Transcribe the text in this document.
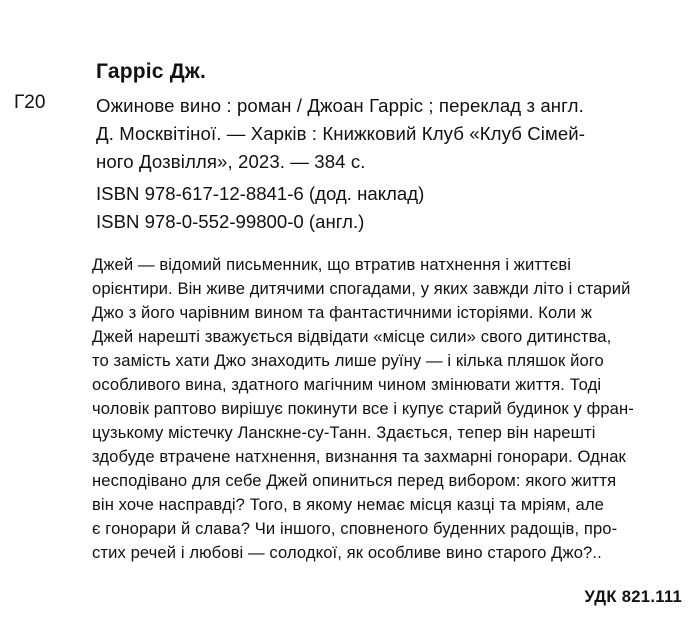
Гарріс Дж.
Г20	Ожинове вино : роман / Джоан Гарріс ; переклад з англ.
Д. Москвітіної. — Харків : Книжковий Клуб «Клуб Сімей-
ного Дозвілля», 2023. — 384 с.
ISBN 978-617-12-8841-6 (дод. наклад)
ISBN 978-0-552-99800-0 (англ.)
Джей — відомий письменник, що втратив натхнення і життєві
орієнтири. Він живе дитячими спогадами, у яких завжди літо і старий
Джо з його чарівним вином та фантастичними історіями. Коли ж
Джей нарешті зважується відвідати «місце сили» свого дитинства,
то замість хати Джо знаходить лише руїну — і кілька пляшок його
особливого вина, здатного магічним чином змінювати життя. Тоді
чоловік раптово вирішує покинути все і купує старий будинок у фран-
цузькому містечку Ланскне-су-Танн. Здається, тепер він нарешті
здобуде втрачене натхнення, визнання та захмарні гонорари. Однак
несподівано для себе Джей опиниться перед вибором: якого життя
він хоче насправді? Того, в якому немає місця казці та мріям, але
є гонорари й слава? Чи іншого, сповненого буденних радощів, про-
стих речей і любові — солодкої, як особливе вино старого Джо?..
УДК 821.111
